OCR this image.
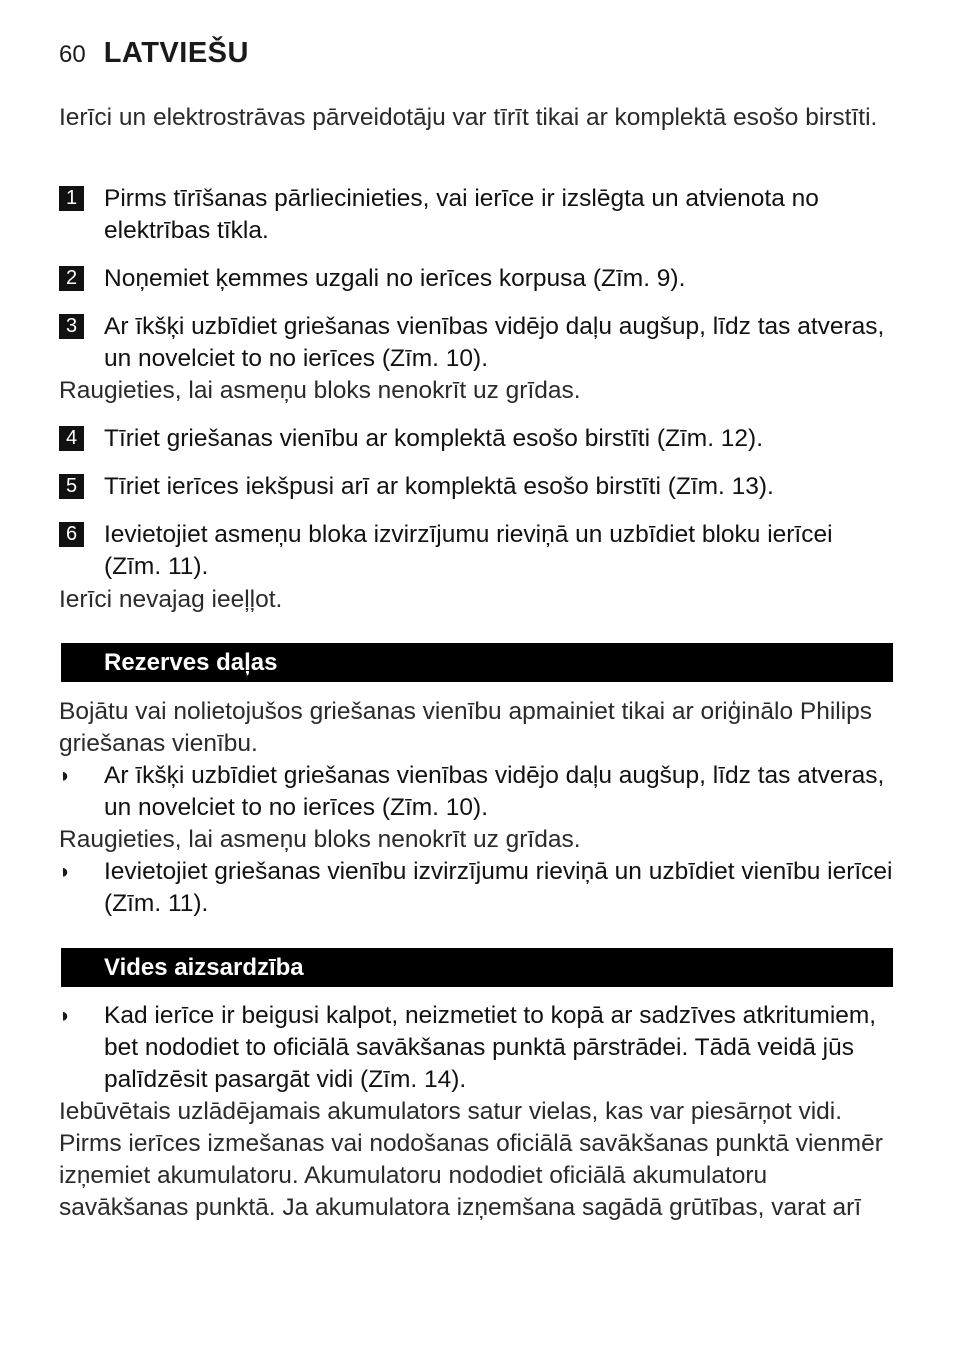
60 LATVIEŠU
Ierīci un elektrostrāvas pārveidotāju var tīrīt tikai ar komplektā esošo birstīti.
1 Pirms tīrīšanas pārliecinieties, vai ierīce ir izslēgta un atvienota no elektrības tīkla.
2 Noņemiet ķemmes uzgali no ierīces korpusa (Zīm. 9).
3 Ar īkšķi uzbīdiet griešanas vienības vidējo daļu augšup, līdz tas atveras, un novelciet to no ierīces (Zīm. 10).
Raugieties, lai asmeņu bloks nenokrīt uz grīdas.
4 Tīriet griešanas vienību ar komplektā esošo birstīti (Zīm. 12).
5 Tīriet ierīces iekšpusi arī ar komplektā esošo birstīti (Zīm. 13).
6 Ievietojiet asmeņu bloka izvirzījumu rieviņā un uzbīdiet bloku ierīcei (Zīm. 11).
Ierīci nevajag ieeļļot.
Rezerves daļas
Bojātu vai nolietojušos griešanas vienību apmainiet tikai ar oriģinālo Philips griešanas vienību.
◗	Ar īkšķi uzbīdiet griešanas vienības vidējo daļu augšup, līdz tas atveras, un novelciet to no ierīces (Zīm. 10).
Raugieties, lai asmeņu bloks nenokrīt uz grīdas.
◗	Ievietojiet griešanas vienību izvirzījumu rieviņā un uzbīdiet vienību ierīcei (Zīm. 11).
Vides aizsardzība
◗	Kad ierīce ir beigusi kalpot, neizmetiet to kopā ar sadzīves atkritumiem, bet nododiet to oficiālā savākšanas punktā pārstrādei. Tādā veidā jūs palīdzēsit pasargāt vidi (Zīm. 14).
Iebūvētais uzlādējamais akumulators satur vielas, kas var piesārņot vidi. Pirms ierīces izmešanas vai nodošanas oficiālā savākšanas punktā vienmēr izņemiet akumulatoru. Akumulatoru nododiet oficiālā akumulatoru savākšanas punktā. Ja akumulatora izņemšana sagādā grūtības, varat arī
